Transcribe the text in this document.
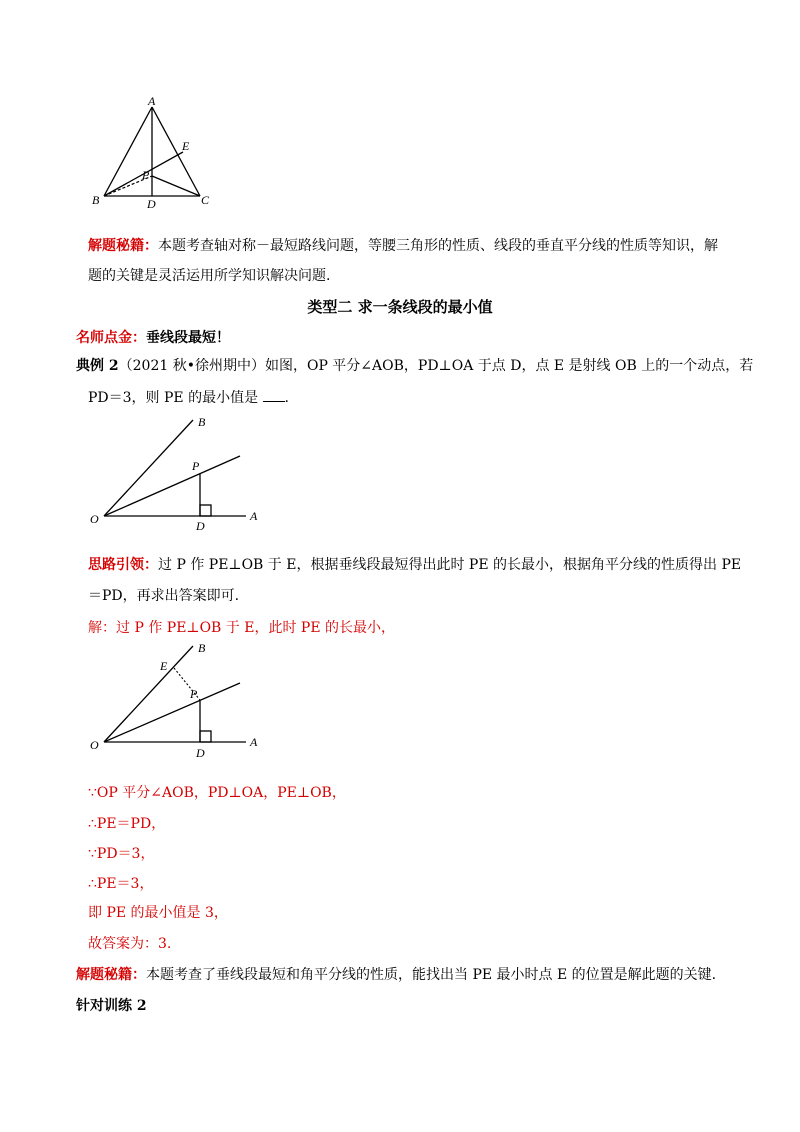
A
E
P
B	D	C
解题秘籍：本题考查轴对称－最短路线问题，等腰三角形的性质、线段的垂直平分线的性质等知识，解
题的关键是灵活运用所学知识解决问题.
类型二 求一条线段的最小值
名师点金：垂线段最短！
典例 2（2021 秋•徐州期中）如图，OP 平分∠AOB，PD⊥OA 于点 D，点 E 是射线 OB 上的一个动点，若
PD＝3，则 PE 的最小值是 .
B
P
O	D
A
思路引领：过 P 作 PE⊥OB 于 E，根据垂线段最短得出此时 PE 的长最小，根据角平分线的性质得出 PE
＝PD，再求出答案即可.
解：过 P 作 PE⊥OB 于 E，此时 PE 的长最小，
E
B
P
O
D
A
∵OP 平分∠AOB，PD⊥OA，PE⊥OB，
∴PE＝PD，
∵PD＝3，
∴PE＝3，
即 PE 的最小值是 3，
故答案为：3.
解题秘籍：本题考查了垂线段最短和角平分线的性质，能找出当 PE 最小时点 E 的位置是解此题的关键.
针对训练 2
